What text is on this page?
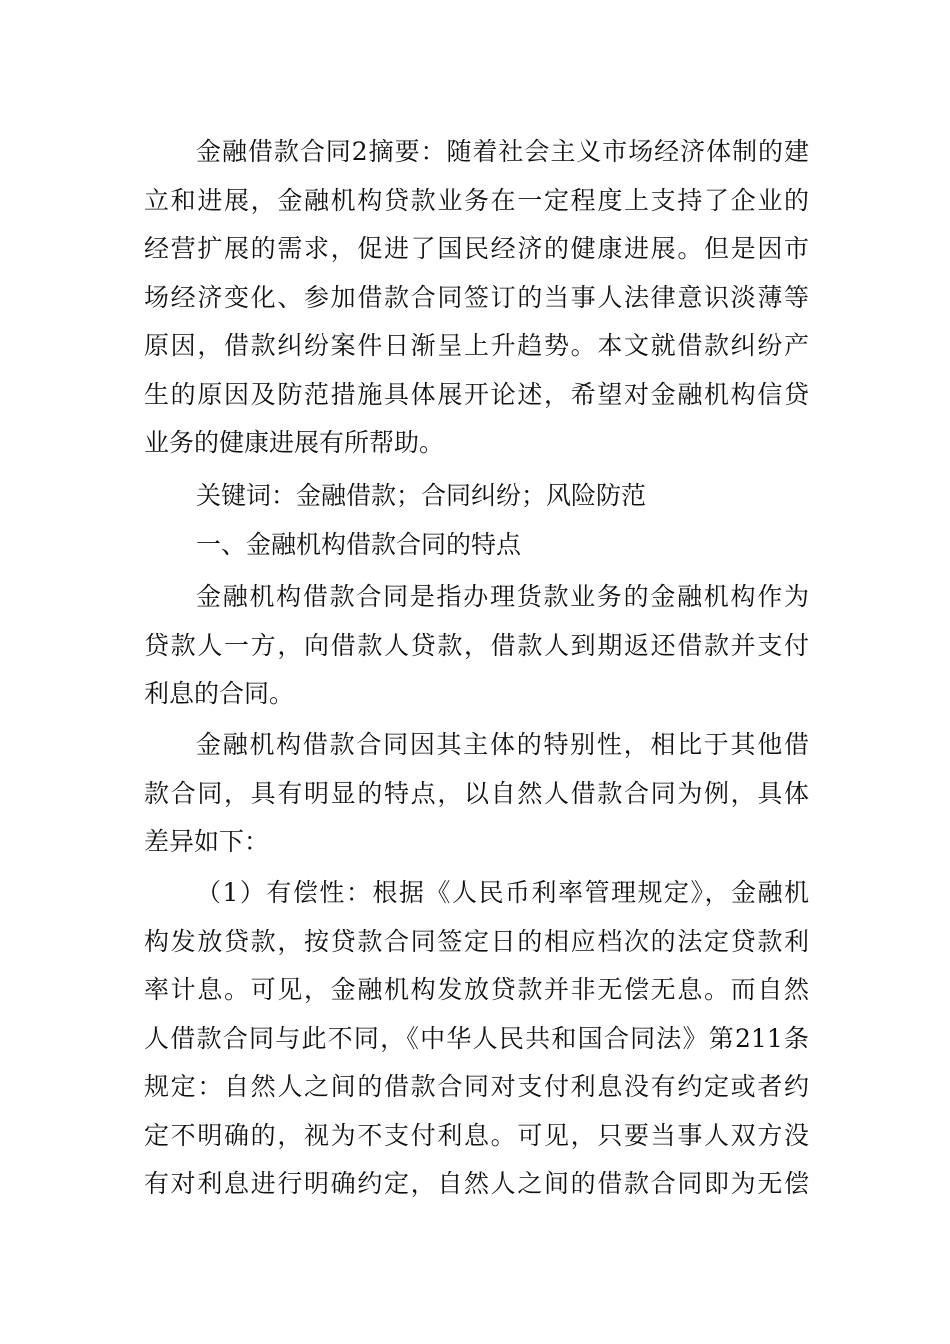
金融借款合同2摘要：随着社会主义市场经济体制的建
立和进展，金融机构贷款业务在一定程度上支持了企业的
经营扩展的需求，促进了国民经济的健康进展。但是因市
场经济变化、参加借款合同签订的当事人法律意识淡薄等
原因，借款纠纷案件日渐呈上升趋势。本文就借款纠纷产
生的原因及防范措施具体展开论述，希望对金融机构信贷
业务的健康进展有所帮助。
关键词：金融借款；合同纠纷；风险防范
一、金融机构借款合同的特点
金融机构借款合同是指办理货款业务的金融机构作为
贷款人一方，向借款人贷款，借款人到期返还借款并支付
利息的合同。
金融机构借款合同因其主体的特别性，相比于其他借
款合同，具有明显的特点，以自然人借款合同为例，具体
差异如下：
（1）有偿性：根据《人民币利率管理规定》，金融机
构发放贷款，按贷款合同签定日的相应档次的法定贷款利
率计息。可见，金融机构发放贷款并非无偿无息。而自然
人借款合同与此不同，《中华人民共和国合同法》第211条
规定：自然人之间的借款合同对支付利息没有约定或者约
定不明确的，视为不支付利息。可见，只要当事人双方没
有对利息进行明确约定，自然人之间的借款合同即为无偿
